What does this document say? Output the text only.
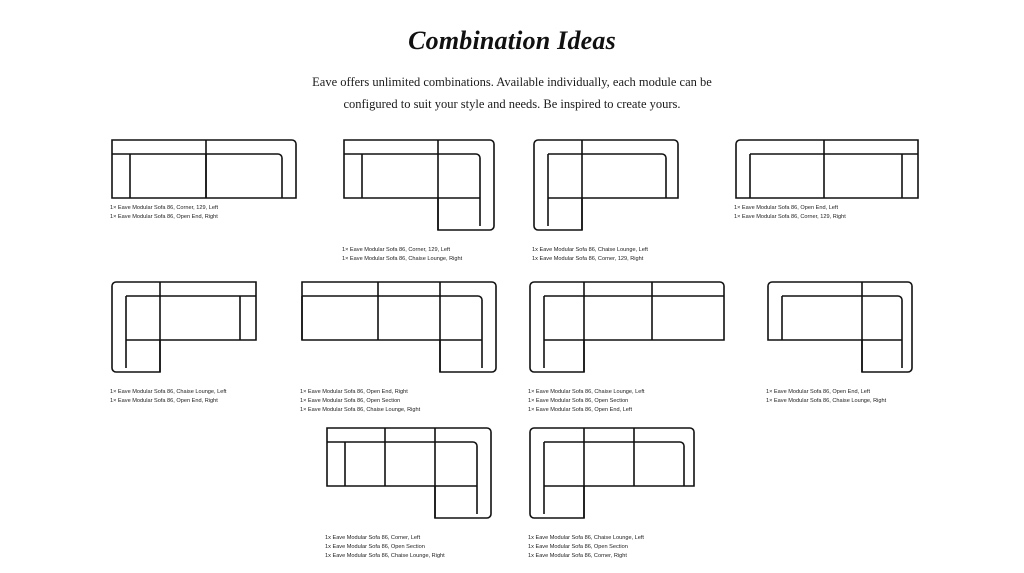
Combination Ideas
Eave offers unlimited combinations. Available individually, each module can be configured to suit your style and needs. Be inspired to create yours.
1× Eave Modular Sofa 86, Corner, 129, Left
1× Eave Modular Sofa 86, Open End, Right
1× Eave Modular Sofa 86, Corner, 129, Left
1× Eave Modular Sofa 86, Chaise Lounge, Right
1x Eave Modular Sofa 86, Chaise Lounge, Left
1x Eave Modular Sofa 86, Corner, 129, Right
1× Eave Modular Sofa 86, Open End, Left
1× Eave Modular Sofa 86, Corner, 129, Right
1× Eave Modular Sofa 86, Chaise Lounge, Left
1× Eave Modular Sofa 86, Open End, Right
1× Eave Modular Sofa 86, Open End, Right
1× Eave Modular Sofa 86, Open Section
1× Eave Modular Sofa 86, Chaise Lounge, Right
1× Eave Modular Sofa 86, Chaise Lounge, Left
1× Eave Modular Sofa 86, Open Section
1× Eave Modular Sofa 86, Open End, Left
1× Eave Modular Sofa 86, Open End, Left
1× Eave Modular Sofa 86, Chaise Lounge, Right
1x Eave Modular Sofa 86, Corner, Left
1x Eave Modular Sofa 86, Open Section
1x Eave Modular Sofa 86, Chaise Lounge, Right
1x Eave Modular Sofa 86, Chaise Lounge, Left
1x Eave Modular Sofa 86, Open Section
1x Eave Modular Sofa 86, Corner, Right
